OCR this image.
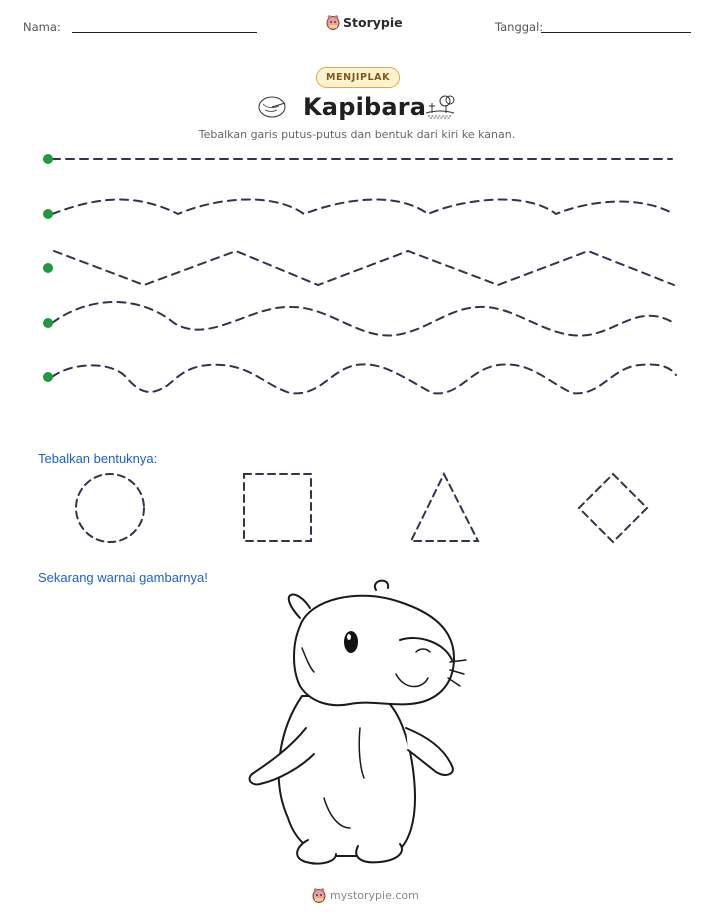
Nama:	Storypie	Tanggal:
MENJIPLAK
Kapibara
Tebalkan garis putus-putus dan bentuk dari kiri ke kanan.
Tebalkan bentuknya:
Sekarang warnai gambarnya!
mystorypie.com
